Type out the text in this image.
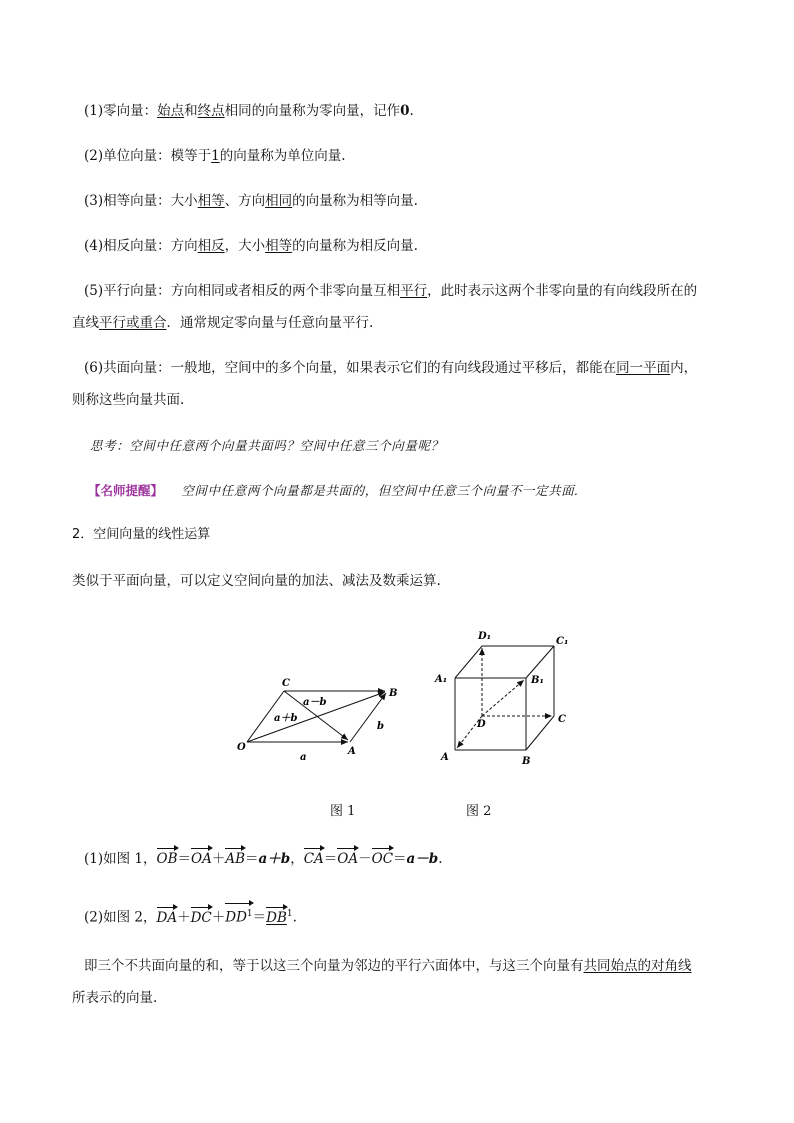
(1)零向量：始点和终点相同的向量称为零向量，记作0.
(2)单位向量：模等于1的向量称为单位向量.
(3)相等向量：大小相等、方向相同的向量称为相等向量.
(4)相反向量：方向相反，大小相等的向量称为相反向量.
(5)平行向量：方向相同或者相反的两个非零向量互相平行，此时表示这两个非零向量的有向线段所在的
直线平行或重合．通常规定零向量与任意向量平行.
(6)共面向量：一般地，空间中的多个向量，如果表示它们的有向线段通过平移后，都能在同一平面内，
则称这些向量共面.
思考：空间中任意两个向量共面吗？空间中任意三个向量呢？
【名师提醒】 空间中任意两个向量都是共面的，但空间中任意三个向量不一定共面.
2．空间向量的线性运算
类似于平面向量，可以定义空间向量的加法、减法及数乘运算.
O	A
B
C
a
b
a－b
a＋b
D₁	C₁
A₁	B₁
D	C
A	B
图 1	图 2
(1)如图 1，OB＝OA＋AB＝a＋b，CA＝OA－OC＝a－b.
(2)如图 2，$DA+DC+DD^1=DB^1$.
即三个不共面向量的和，等于以这三个向量为邻边的平行六面体中，与这三个向量有共同始点的对角线
所表示的向量.
